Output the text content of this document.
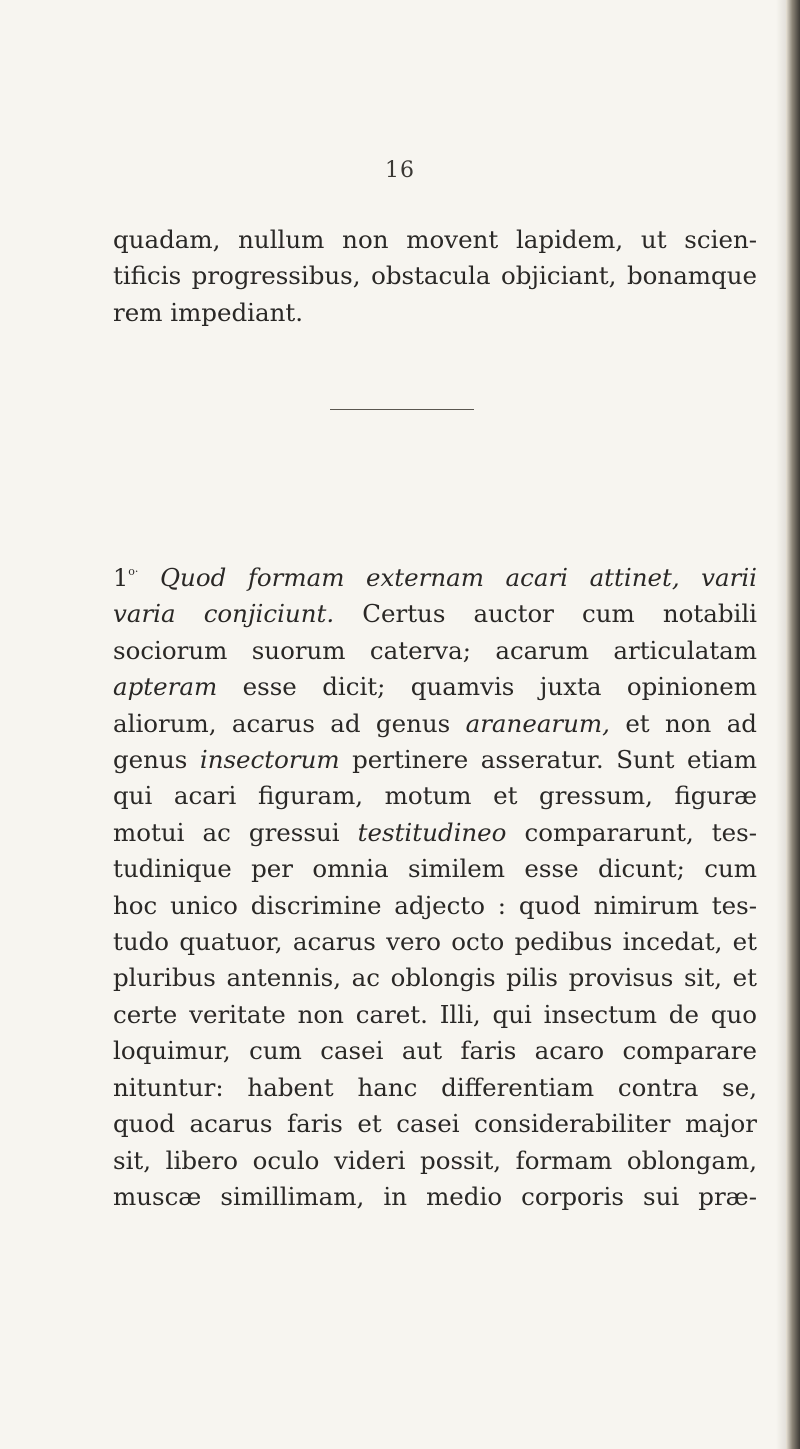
16
quadam, nullum non movent lapidem, ut scien-
tificis progressibus, obstacula objiciant, bonamque
rem impediant.
$1^{o\cdot}$ Quod formam externam acari attinet, varii
varia conjiciunt. Certus auctor cum notabili
sociorum suorum caterva; acarum articulatam
apteram esse dicit; quamvis juxta opinionem
aliorum, acarus ad genus aranearum, et non ad
genus insectorum pertinere asseratur. Sunt etiam
qui acari figuram, motum et gressum, figuræ
motui ac gressui testitudineo compararunt, tes-
tudinique per omnia similem esse dicunt; cum
hoc unico discrimine adjecto : quod nimirum tes-
tudo quatuor, acarus vero octo pedibus incedat, et
pluribus antennis, ac oblongis pilis provisus sit, et
certe veritate non caret. Illi, qui insectum de quo
loquimur, cum casei aut faris acaro comparare
nituntur: habent hanc differentiam contra se,
quod acarus faris et casei considerabiliter major
sit, libero oculo videri possit, formam oblongam,
muscæ simillimam, in medio corporis sui præ-
